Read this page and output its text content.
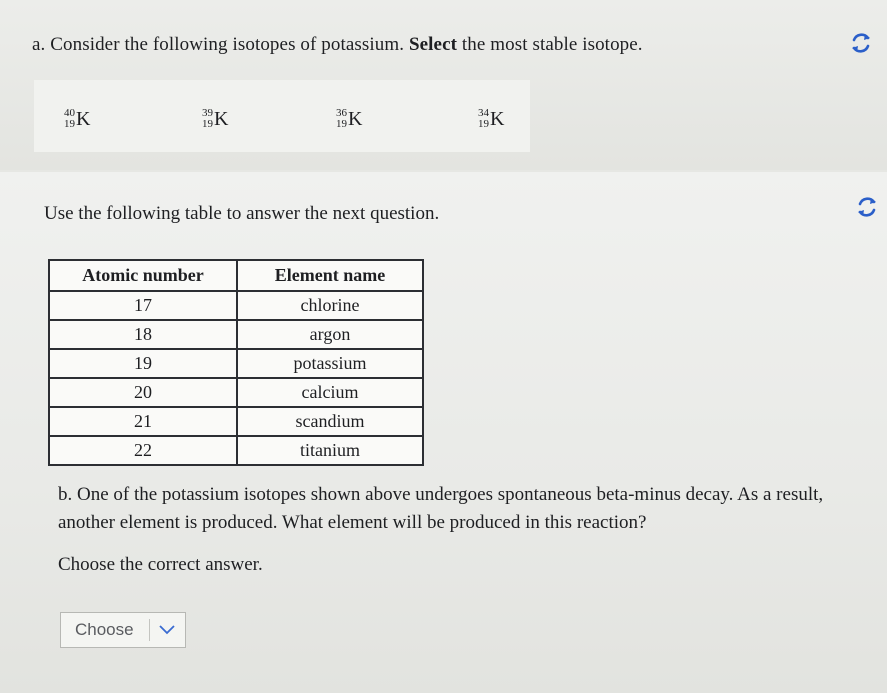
a. Consider the following isotopes of potassium. Select the most stable isotope.
40
19 K	39
19 K	36
19 K	34
19 K
Use the following table to answer the next question.
Atomic number	Element name
17	chlorine
18	argon
19	potassium
20	calcium
21	scandium
22	titanium
b. One of the potassium isotopes shown above undergoes spontaneous beta-minus decay. As a result, another element is produced. What element will be produced in this reaction?
Choose the correct answer.
Choose
